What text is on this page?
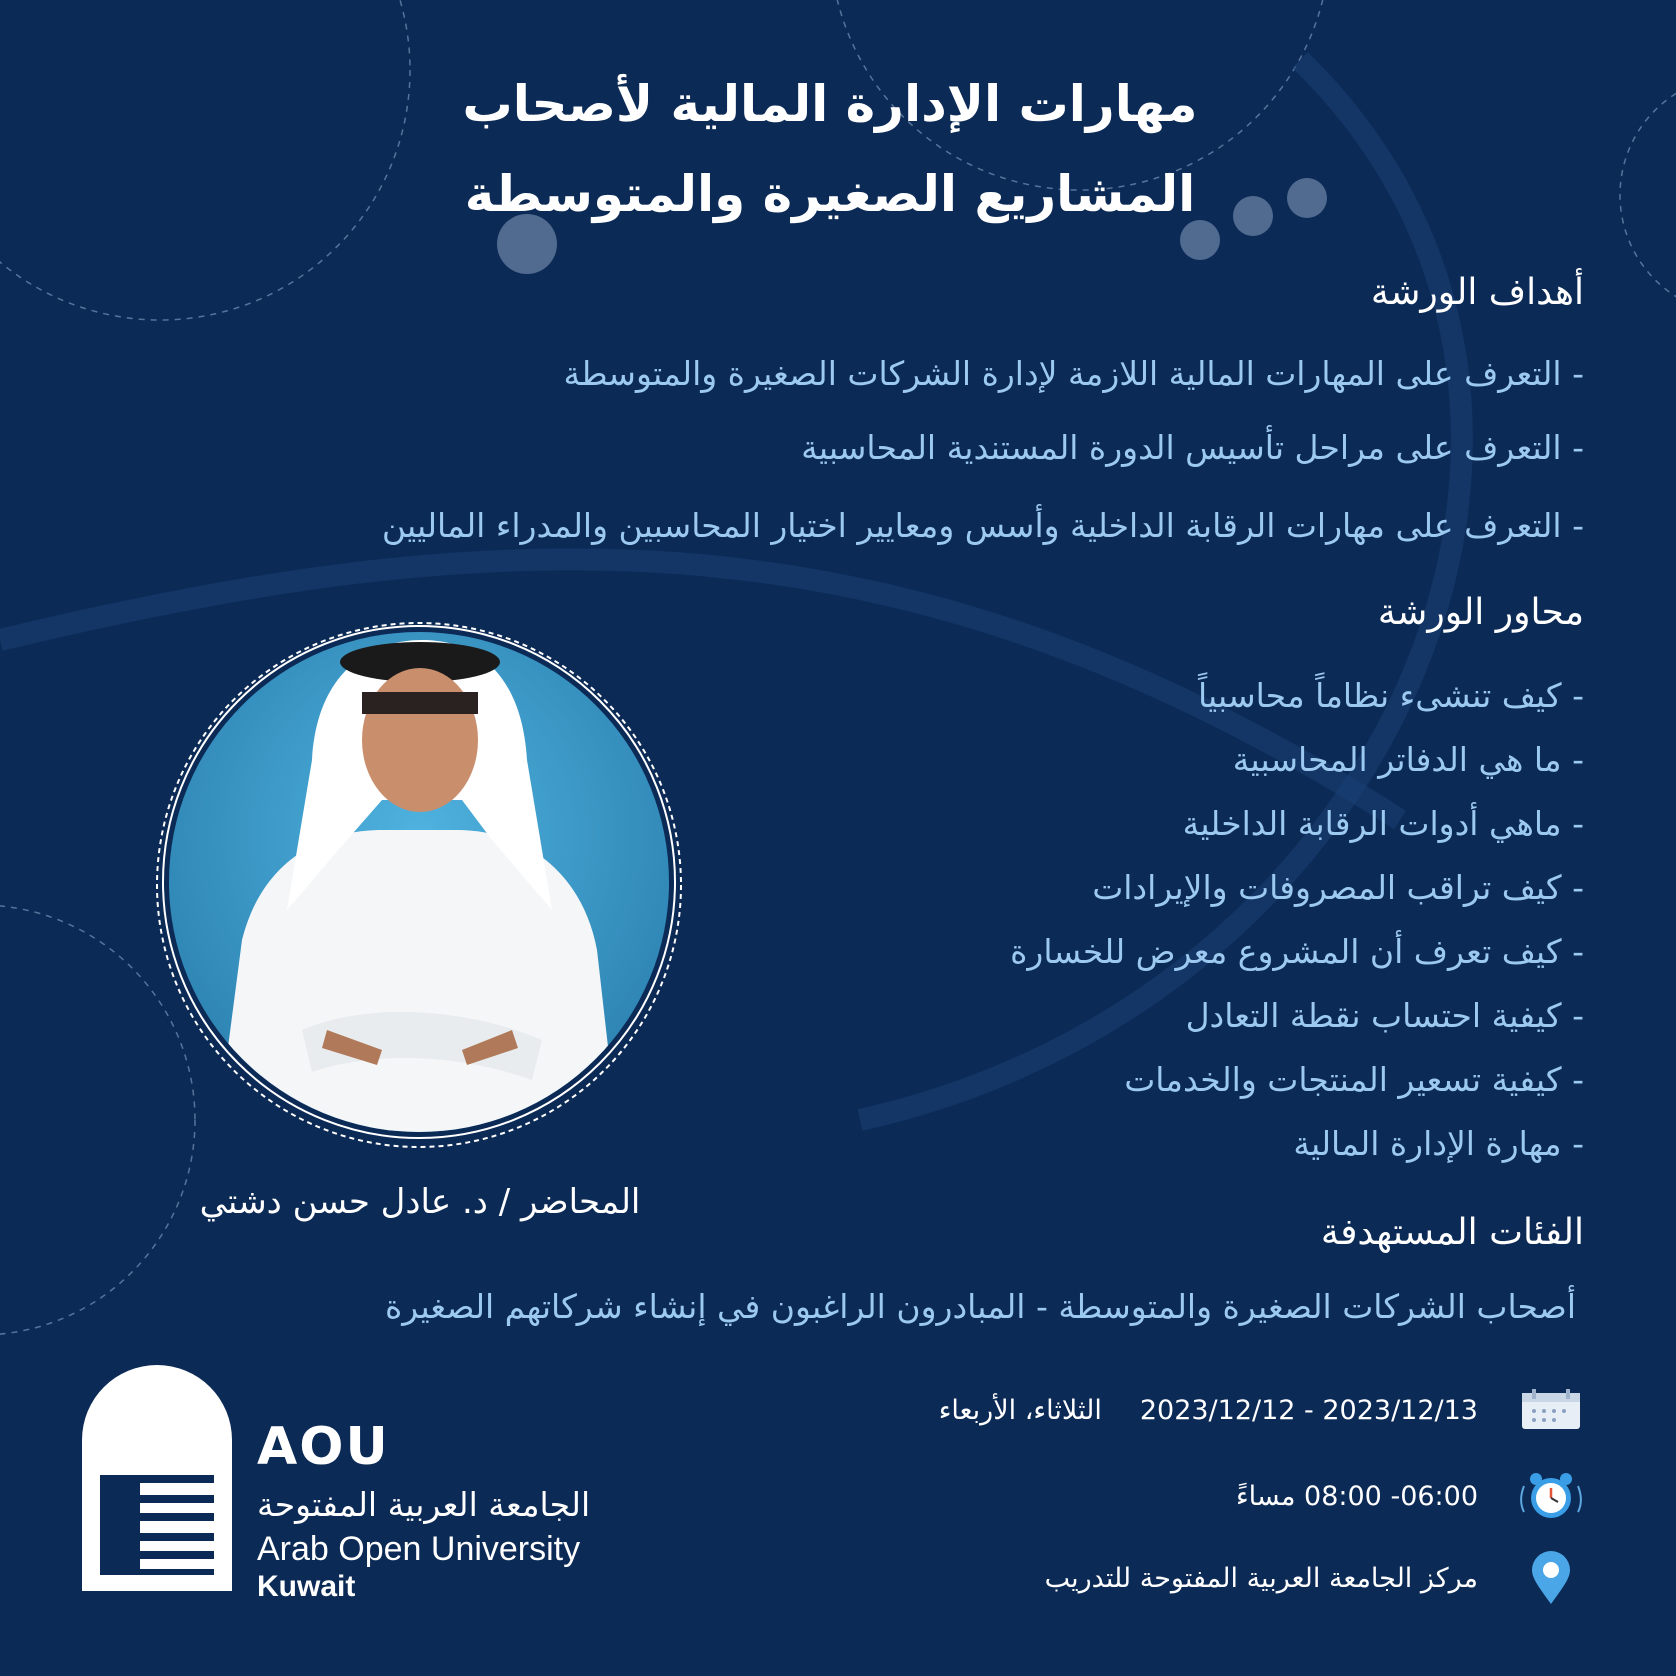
مهارات الإدارة المالية لأصحاب
المشاريع الصغيرة والمتوسطة
أهداف الورشة
- التعرف على المهارات المالية اللازمة لإدارة الشركات الصغيرة والمتوسطة
- التعرف على مراحل تأسيس الدورة المستندية المحاسبية
- التعرف على مهارات الرقابة الداخلية وأسس ومعايير اختيار المحاسبين والمدراء الماليين
محاور الورشة
- كيف تنشىء نظاماً محاسبياً
- ما هي الدفاتر المحاسبية
- ماهي أدوات الرقابة الداخلية
- كيف تراقب المصروفات والإيرادات
- كيف تعرف أن المشروع معرض للخسارة
- كيفية احتساب نقطة التعادل
- كيفية تسعير المنتجات والخدمات
- مهارة الإدارة المالية
المحاضر / د. عادل حسن دشتي
الفئات المستهدفة
أصحاب الشركات الصغيرة والمتوسطة - المبادرون الراغبون في إنشاء شركاتهم الصغيرة
2023/12/12 - 2023/12/13
الثلاثاء، الأربعاء
06:00- 08:00 مساءً
مركز الجامعة العربية المفتوحة للتدريب
AOU
الجامعة العربية المفتوحة
Arab Open University
Kuwait
